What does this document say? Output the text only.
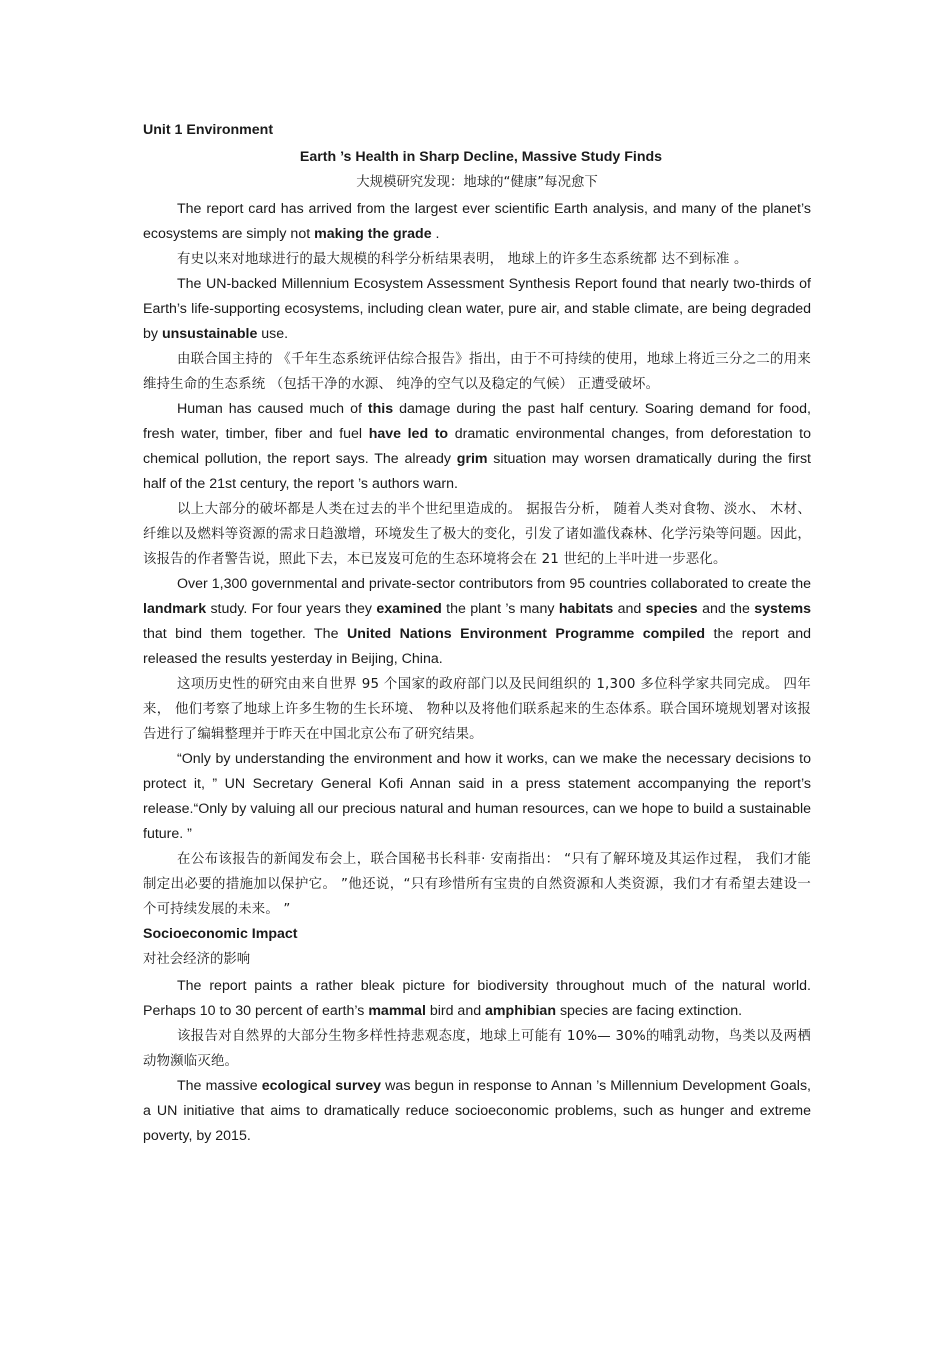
Unit 1 Environment
Earth ’s Health in Sharp Decline, Massive Study Finds
大规模研究发现：地球的“健康”每况愈下

The report card has arrived from the largest ever scientific Earth analysis, and many of the planet’s ecosystems are simply not making the grade .

有史以来对地球进行的最大规模的科学分析结果表明， 地球上的许多生态系统都 达不到标准 。

The UN-backed Millennium Ecosystem Assessment Synthesis Report found that nearly two-thirds of Earth’s life-supporting ecosystems, including clean water, pure air, and stable climate, are being degraded by unsustainable use.

由联合国主持的 《千年生态系统评估综合报告》指出，由于不可持续的使用，地球上将近三分之二的用来维持生命的生态系统 （包括干净的水源、 纯净的空气以及稳定的气候） 正遭受破坏。

Human has caused much of this damage during the past half century. Soaring demand for food, fresh water, timber, fiber and fuel have led to dramatic environmental changes, from deforestation to chemical pollution, the report says. The already grim situation may worsen dramatically during the first half of the 21st century, the report ’s authors warn.

以上大部分的破坏都是人类在过去的半个世纪里造成的。 据报告分析， 随着人类对食物、淡水、 木材、纤维以及燃料等资源的需求日趋激增，环境发生了极大的变化，引发了诸如滥伐森林、化学污染等问题。因此，该报告的作者警告说，照此下去，本已岌岌可危的生态环境将会在 21 世纪的上半叶进一步恶化。

Over 1,300 governmental and private-sector contributors from 95 countries collaborated to create the landmark study. For four years they examined the plant ’s many habitats and species and the systems that bind them together. The United Nations Environment Programme compiled the report and released the results yesterday in Beijing, China.

这项历史性的研究由来自世界 95 个国家的政府部门以及民间组织的 1,300 多位科学家共同完成。 四年来， 他们考察了地球上许多生物的生长环境、 物种以及将他们联系起来的生态体系。联合国环境规划署对该报告进行了编辑整理并于昨天在中国北京公布了研究结果。

“Only by understanding the environment and how it works, can we make the necessary decisions to protect it, ” UN Secretary General Kofi Annan said in a press statement accompanying the report’s release.“Only by valuing all our precious natural and human resources, can we hope to build a sustainable future. ”

在公布该报告的新闻发布会上，联合国秘书长科菲· 安南指出： “只有了解环境及其运作过程， 我们才能制定出必要的措施加以保护它。 ”他还说，“只有珍惜所有宝贵的自然资源和人类资源，我们才有希望去建设一个可持续发展的未来。 ”

Socioeconomic Impact
对社会经济的影响

The report paints a rather bleak picture for biodiversity throughout much of the natural world. Perhaps 10 to 30 percent of earth’s mammal bird and amphibian species are facing extinction.

该报告对自然界的大部分生物多样性持悲观态度，地球上可能有 10%— 30%的哺乳动物，鸟类以及两栖动物濒临灭绝。

The massive ecological survey was begun in response to Annan ’s Millennium Development Goals, a UN initiative that aims to dramatically reduce socioeconomic problems, such as hunger and extreme poverty, by 2015.
